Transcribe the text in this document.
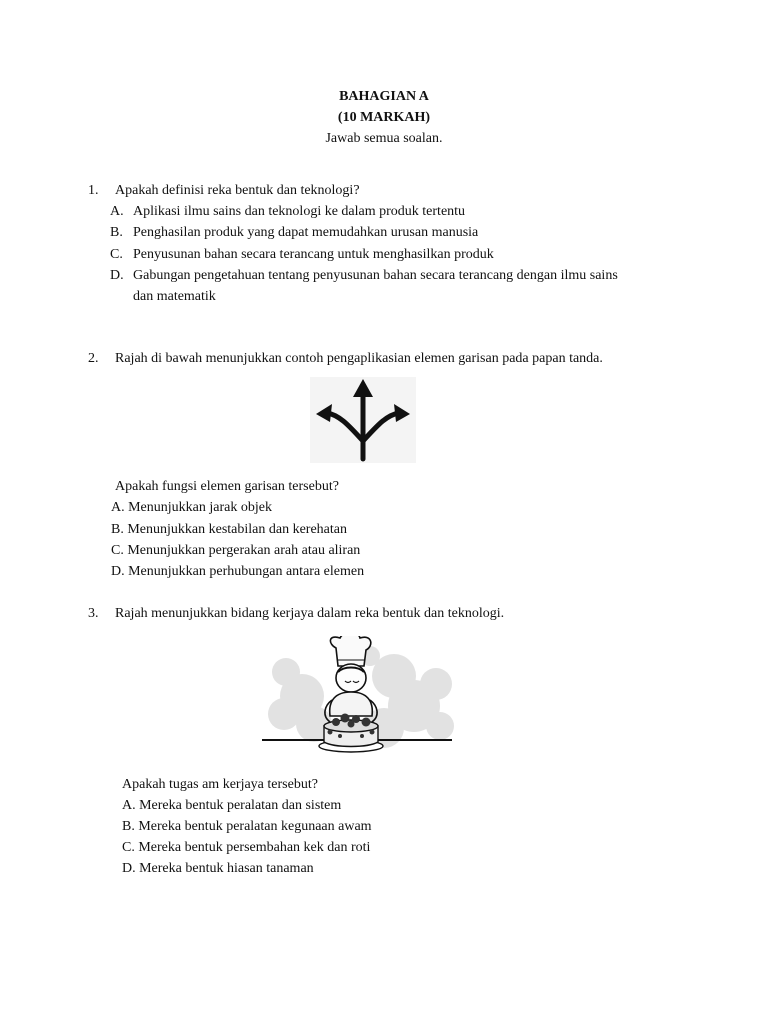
BAHAGIAN A
(10 MARKAH)
Jawab semua soalan.
1. Apakah definisi reka bentuk dan teknologi?
A. Aplikasi ilmu sains dan teknologi ke dalam produk tertentu
B. Penghasilan produk yang dapat memudahkan urusan manusia
C. Penyusunan bahan secara terancang untuk menghasilkan produk
D. Gabungan pengetahuan tentang penyusunan bahan secara terancang dengan ilmu sains
dan matematik
2. Rajah di bawah menunjukkan contoh pengaplikasian elemen garisan pada papan tanda.
Apakah fungsi elemen garisan tersebut?
A. Menunjukkan jarak objek
B. Menunjukkan kestabilan dan kerehatan
C. Menunjukkan pergerakan arah atau aliran
D. Menunjukkan perhubungan antara elemen
3. Rajah menunjukkan bidang kerjaya dalam reka bentuk dan teknologi.
Apakah tugas am kerjaya tersebut?
A. Mereka bentuk peralatan dan sistem
B. Mereka bentuk peralatan kegunaan awam
C. Mereka bentuk persembahan kek dan roti
D. Mereka bentuk hiasan tanaman
